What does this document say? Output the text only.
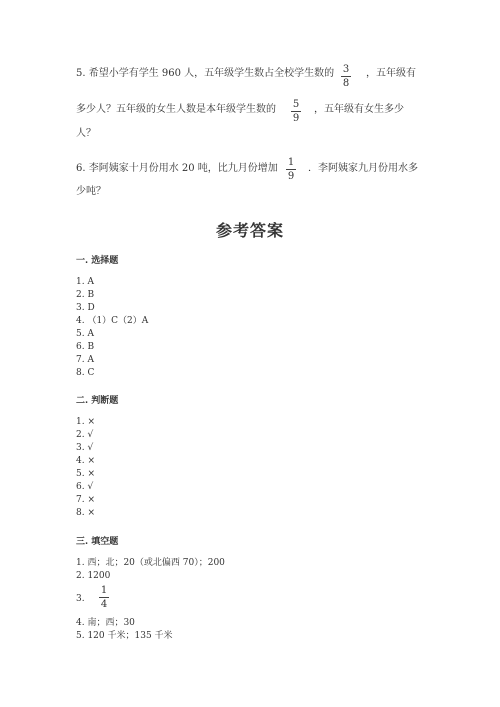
5. 希望小学有学生 960 人，五年级学生数占全校学生数的 3
8
，五年级有
多少人？五年级的女生人数是本年级学生数的	5
9
，五年级有女生多少
人？
6. 李阿姨家十月份用水 20 吨，比九月份增加
1
9
．李阿姨家九月份用水多
少吨？
参考答案
一. 选择题
1. A
2. B
3. D
4. （1）C（2）A
5. A
6. B
7. A
8. C
二. 判断题
1. ×
2. √
3. √
4. ×
5. ×
6. √
7. ×
8. ×
三. 填空题
1. 西；北；20（或北偏西 70）；200
2. 1200
3.
1
4
4. 南；西；30
5. 120 千米；135 千米
